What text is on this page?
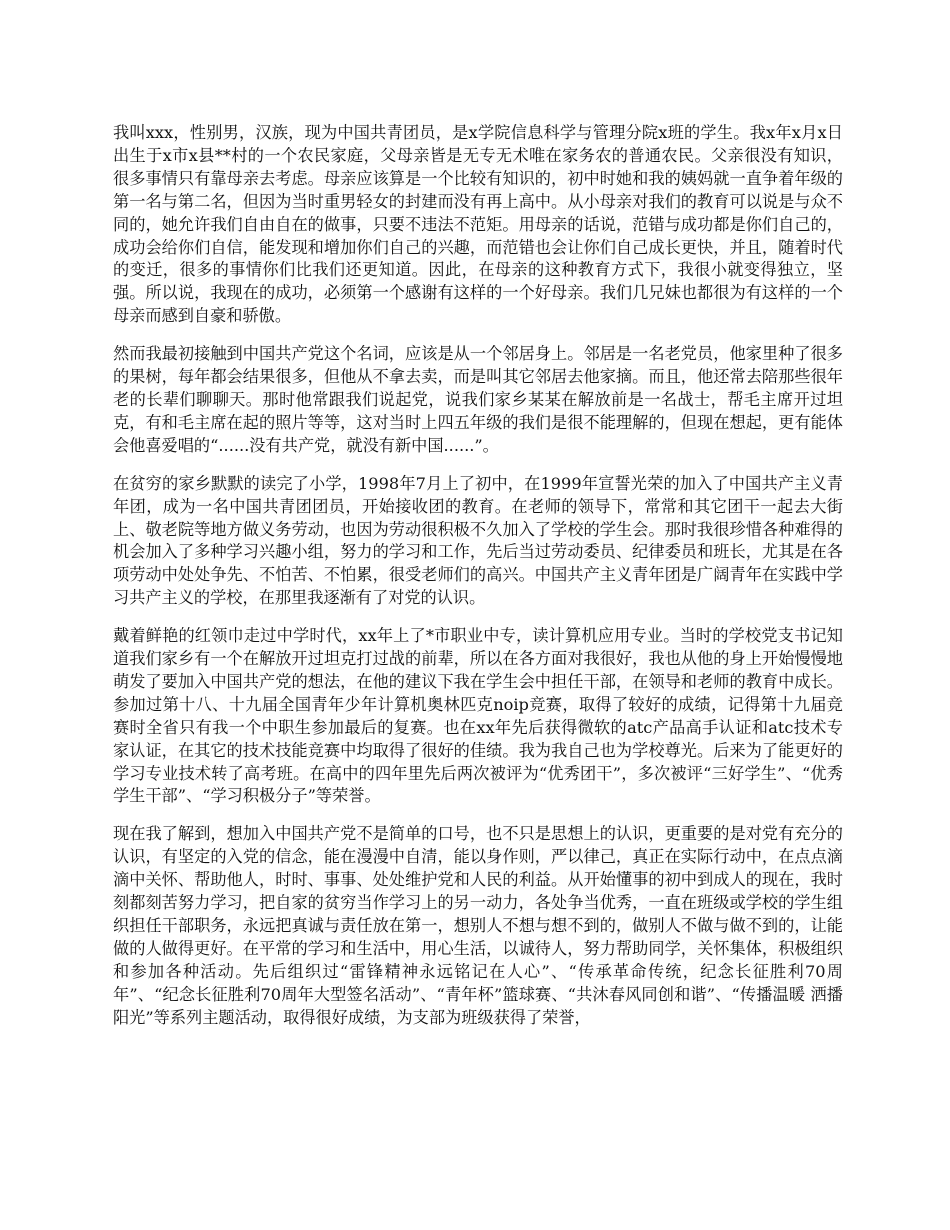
我叫xxx，性别男，汉族，现为中国共青团员，是x学院信息科学与管理分院x班的学生。我x年x月x日出生于x市x县**村的一个农民家庭，父母亲皆是无专无术唯在家务农的普通农民。父亲很没有知识，很多事情只有靠母亲去考虑。母亲应该算是一个比较有知识的，初中时她和我的姨妈就一直争着年级的第一名与第二名，但因为当时重男轻女的封建而没有再上高中。从小母亲对我们的教育可以说是与众不同的，她允许我们自由自在的做事，只要不违法不范矩。用母亲的话说，范错与成功都是你们自己的，成功会给你们自信，能发现和增加你们自己的兴趣，而范错也会让你们自己成长更快，并且，随着时代的变迁，很多的事情你们比我们还更知道。因此，在母亲的这种教育方式下，我很小就变得独立，坚强。所以说，我现在的成功，必须第一个感谢有这样的一个好母亲。我们几兄妹也都很为有这样的一个母亲而感到自豪和骄傲。

然而我最初接触到中国共产党这个名词，应该是从一个邻居身上。邻居是一名老党员，他家里种了很多的果树，每年都会结果很多，但他从不拿去卖，而是叫其它邻居去他家摘。而且，他还常去陪那些很年老的长辈们聊聊天。那时他常跟我们说起党，说我们家乡某某在解放前是一名战士，帮毛主席开过坦克，有和毛主席在起的照片等等，这对当时上四五年级的我们是很不能理解的，但现在想起，更有能体会他喜爱唱的“......没有共产党，就没有新中国......”。

在贫穷的家乡默默的读完了小学，1998年7月上了初中，在1999年宣誓光荣的加入了中国共产主义青年团，成为一名中国共青团团员，开始接收团的教育。在老师的领导下，常常和其它团干一起去大街上、敬老院等地方做义务劳动，也因为劳动很积极不久加入了学校的学生会。那时我很珍惜各种难得的机会加入了多种学习兴趣小组，努力的学习和工作，先后当过劳动委员、纪律委员和班长，尤其是在各项劳动中处处争先、不怕苦、不怕累，很受老师们的高兴。中国共产主义青年团是广阔青年在实践中学习共产主义的学校，在那里我逐渐有了对党的认识。

戴着鲜艳的红领巾走过中学时代，xx年上了*市职业中专，读计算机应用专业。当时的学校党支书记知道我们家乡有一个在解放开过坦克打过战的前辈，所以在各方面对我很好，我也从他的身上开始慢慢地萌发了要加入中国共产党的想法，在他的建议下我在学生会中担任干部，在领导和老师的教育中成长。参加过第十八、十九届全国青年少年计算机奥林匹克noip竞赛，取得了较好的成绩，记得第十九届竞赛时全省只有我一个中职生参加最后的复赛。也在xx年先后获得微软的atc产品高手认证和atc技术专家认证，在其它的技术技能竞赛中均取得了很好的佳绩。我为我自己也为学校尊光。后来为了能更好的学习专业技术转了高考班。在高中的四年里先后两次被评为“优秀团干”，多次被评“三好学生”、“优秀学生干部”、“学习积极分子”等荣誉。

现在我了解到，想加入中国共产党不是简单的口号，也不只是思想上的认识，更重要的是对党有充分的认识，有坚定的入党的信念，能在漫漫中自清，能以身作则，严以律己，真正在实际行动中，在点点滴滴中关怀、帮助他人，时时、事事、处处维护党和人民的利益。从开始懂事的初中到成人的现在，我时刻都刻苦努力学习，把自家的贫穷当作学习上的另一动力，各处争当优秀，一直在班级或学校的学生组织担任干部职务，永远把真诚与责任放在第一，想别人不想与想不到的，做别人不做与做不到的，让能做的人做得更好。在平常的学习和生活中，用心生活，以诚待人，努力帮助同学，关怀集体，积极组织和参加各种活动。先后组织过“雷锋精神永远铭记在人心”、“传承革命传统，纪念长征胜利70周年”、“纪念长征胜利70周年大型签名活动”、“青年杯”篮球赛、“共沐春风同创和谐”、“传播温暖 洒播阳光”等系列主题活动，取得很好成绩，为支部为班级获得了荣誉，
